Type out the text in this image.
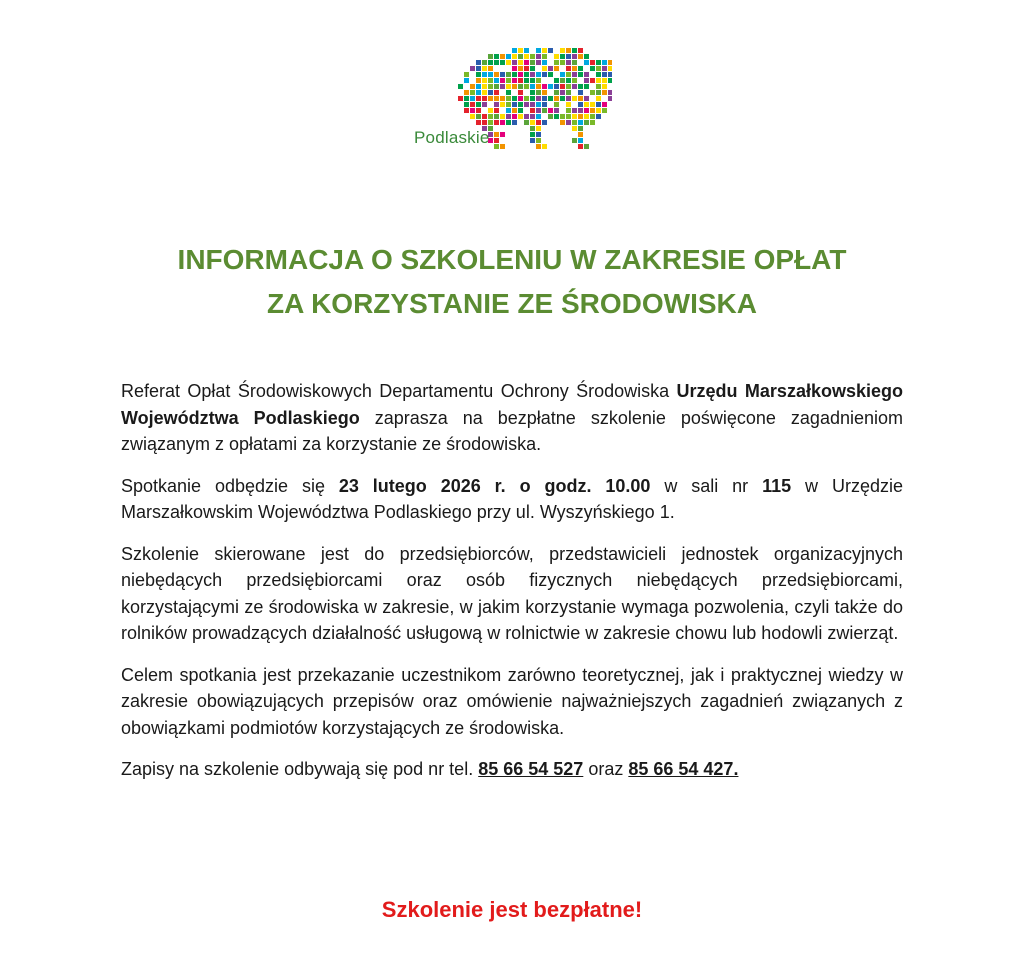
Podlaskie
INFORMACJA O SZKOLENIU W ZAKRESIE OPŁAT
ZA KORZYSTANIE ZE ŚRODOWISKA

Referat Opłat Środowiskowych Departamentu Ochrony Środowiska Urzędu Marszałkowskiego Województwa Podlaskiego zaprasza na bezpłatne szkolenie poświęcone zagadnieniom związanym z opłatami za korzystanie ze środowiska.

Spotkanie odbędzie się 23 lutego 2026 r. o godz. 10.00 w sali nr 115 w Urzędzie Marszałkowskim Województwa Podlaskiego przy ul. Wyszyńskiego 1.

Szkolenie skierowane jest do przedsiębiorców, przedstawicieli jednostek organizacyjnych niebędących przedsiębiorcami oraz osób fizycznych niebędących przedsiębiorcami, korzystającymi ze środowiska w zakresie, w jakim korzystanie wymaga pozwolenia, czyli także do rolników prowadzących działalność usługową w rolnictwie w zakresie chowu lub hodowli zwierząt.

Celem spotkania jest przekazanie uczestnikom zarówno teoretycznej, jak i praktycznej wiedzy w zakresie obowiązujących przepisów oraz omówienie najważniejszych zagadnień związanych z obowiązkami podmiotów korzystających ze środowiska.

Zapisy na szkolenie odbywają się pod nr tel. 85 66 54 527 oraz 85 66 54 427.

Szkolenie jest bezpłatne!
